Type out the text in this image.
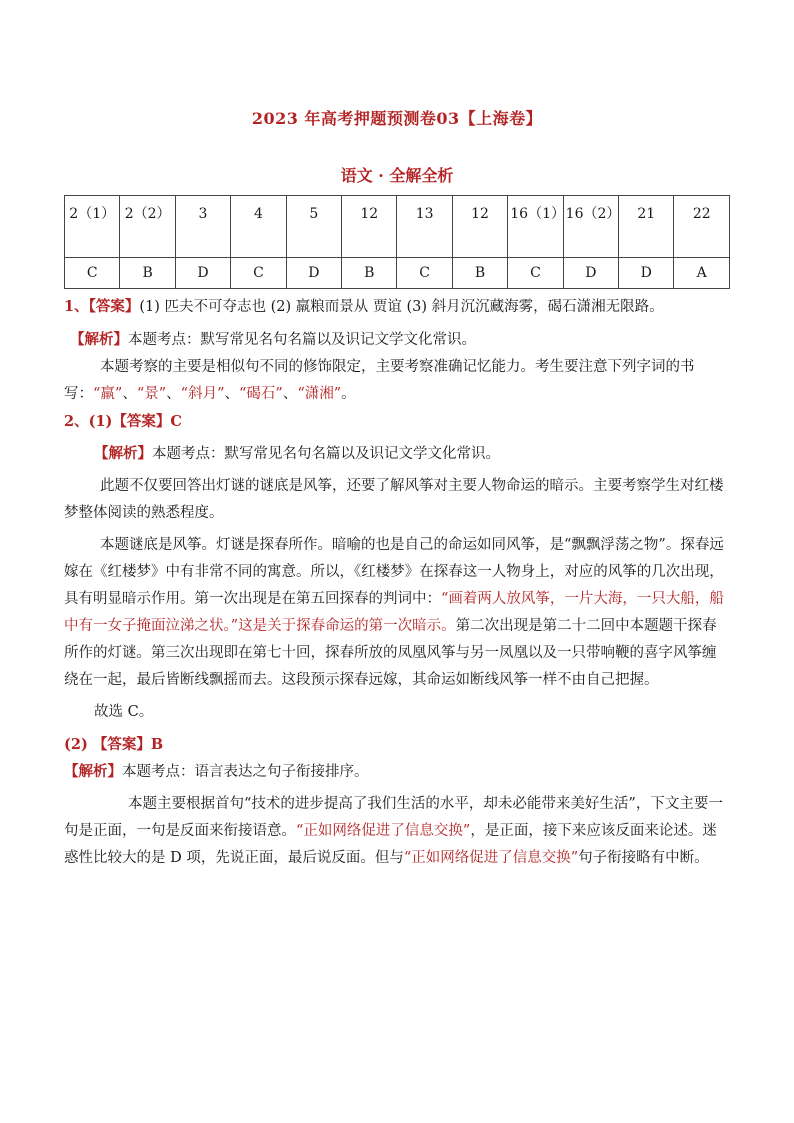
2023 年高考押题预测卷03【上海卷】
语文 · 全解全析
2（1）	2（2）	3	4	5	12	13	12	16（1）	16（2）	21	22
C	B	D	C	D	B	C	B	C	D	D	A

1、【答案】(1) 匹夫不可夺志也 (2) 羸粮而景从 贾谊 (3) 斜月沉沉藏海雾，碣石潇湘无限路。

【解析】本题考点：默写常见名句名篇以及识记文学文化常识。

本题考察的主要是相似句不同的修饰限定，主要考察准确记忆能力。考生要注意下列字词的书写：“羸”、“景”、“斜月”、“碣石”、“潇湘”。

2、(1)【答案】C

【解析】本题考点：默写常见名句名篇以及识记文学文化常识。

此题不仅要回答出灯谜的谜底是风筝，还要了解风筝对主要人物命运的暗示。主要考察学生对红楼梦整体阅读的熟悉程度。

本题谜底是风筝。灯谜是探春所作。暗喻的也是自己的命运如同风筝，是“飘飘浮荡之物”。探春远嫁在《红楼梦》中有非常不同的寓意。所以，《红楼梦》在探春这一人物身上，对应的风筝的几次出现，具有明显暗示作用。第一次出现是在第五回探春的判词中：“画着两人放风筝，一片大海，一只大船，船中有一女子掩面泣涕之状。”这是关于探春命运的第一次暗示。第二次出现是第二十二回中本题题干探春所作的灯谜。第三次出现即在第七十回，探春所放的凤凰风筝与另一凤凰以及一只带响鞭的喜字风筝缠绕在一起，最后皆断线飘摇而去。这段预示探春远嫁，其命运如断线风筝一样不由自己把握。

故选 C。

(2) 【答案】B

【解析】本题考点：语言表达之句子衔接排序。

本题主要根据首句“技术的进步提高了我们生活的水平，却未必能带来美好生活”，下文主要一句是正面，一句是反面来衔接语意。“正如网络促进了信息交换”，是正面，接下来应该反面来论述。迷惑性比较大的是 D 项，先说正面，最后说反面。但与“正如网络促进了信息交换”句子衔接略有中断。
